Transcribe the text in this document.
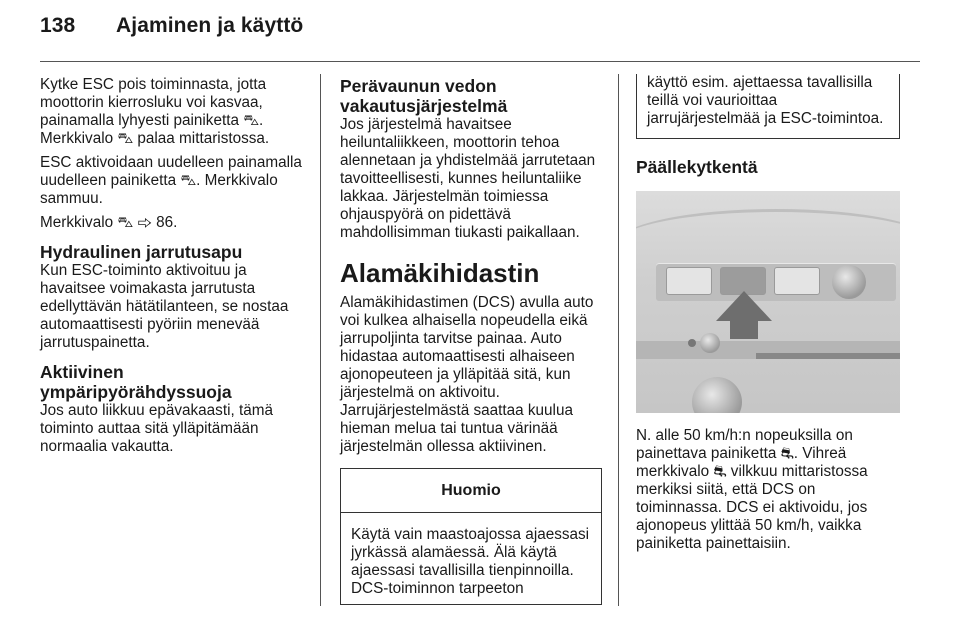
138 Ajaminen ja käyttö

Kytke ESC pois toiminnasta, jotta moottorin kierrosluku voi kasvaa, painamalla lyhyesti painiketta ⛍. Merkkivalo ⛍ palaa mittaristossa.

ESC aktivoidaan uudelleen painamalla uudelleen painiketta ⛍. Merkkivalo sammuu.

Merkkivalo ⛍ ⇨ 86.

Hydraulinen jarrutusapu

Kun ESC-toiminto aktivoituu ja havaitsee voimakasta jarrutusta edellyttävän hätätilanteen, se nostaa automaattisesti pyöriin menevää jarrutuspainetta.

Aktiivinen
ympäripyörähdyssuoja

Jos auto liikkuu epävakaasti, tämä toiminto auttaa sitä ylläpitämään normaalia vakautta.

Perävaunun vedon
vakautusjärjestelmä

Jos järjestelmä havaitsee heiluntaliikkeen, moottorin tehoa alennetaan ja yhdistelmää jarrutetaan tavoitteellisesti, kunnes heiluntaliike lakkaa. Järjestelmän toimiessa ohjauspyörä on pidettävä mahdollisimman tiukasti paikallaan.

Alamäkihidastin

Alamäkihidastimen (DCS) avulla auto voi kulkea alhaisella nopeudella eikä jarrupoljinta tarvitse painaa. Auto hidastaa automaattisesti alhaiseen ajonopeuteen ja ylläpitää sitä, kun järjestelmä on aktivoitu. Jarrujärjestelmästä saattaa kuulua hieman melua tai tuntua värinää järjestelmän ollessa aktiivinen.

Huomio
Käytä vain maastoajossa ajaessasi jyrkässä alamäessä. Älä käytä ajaessasi tavallisilla tienpinnoilla. DCS-toiminnon tarpeeton
käyttö esim. ajettaessa tavallisilla teillä voi vaurioittaa jarrujärjestelmää ja ESC-toimintoa.
Päällekytkentä

N. alle 50 km/h:n nopeuksilla on painettava painiketta ⛐. Vihreä merkkivalo ⛐ vilkkuu mittaristossa merkiksi siitä, että DCS on toiminnassa. DCS ei aktivoidu, jos ajonopeus ylittää 50 km/h, vaikka painiketta painettaisiin.
